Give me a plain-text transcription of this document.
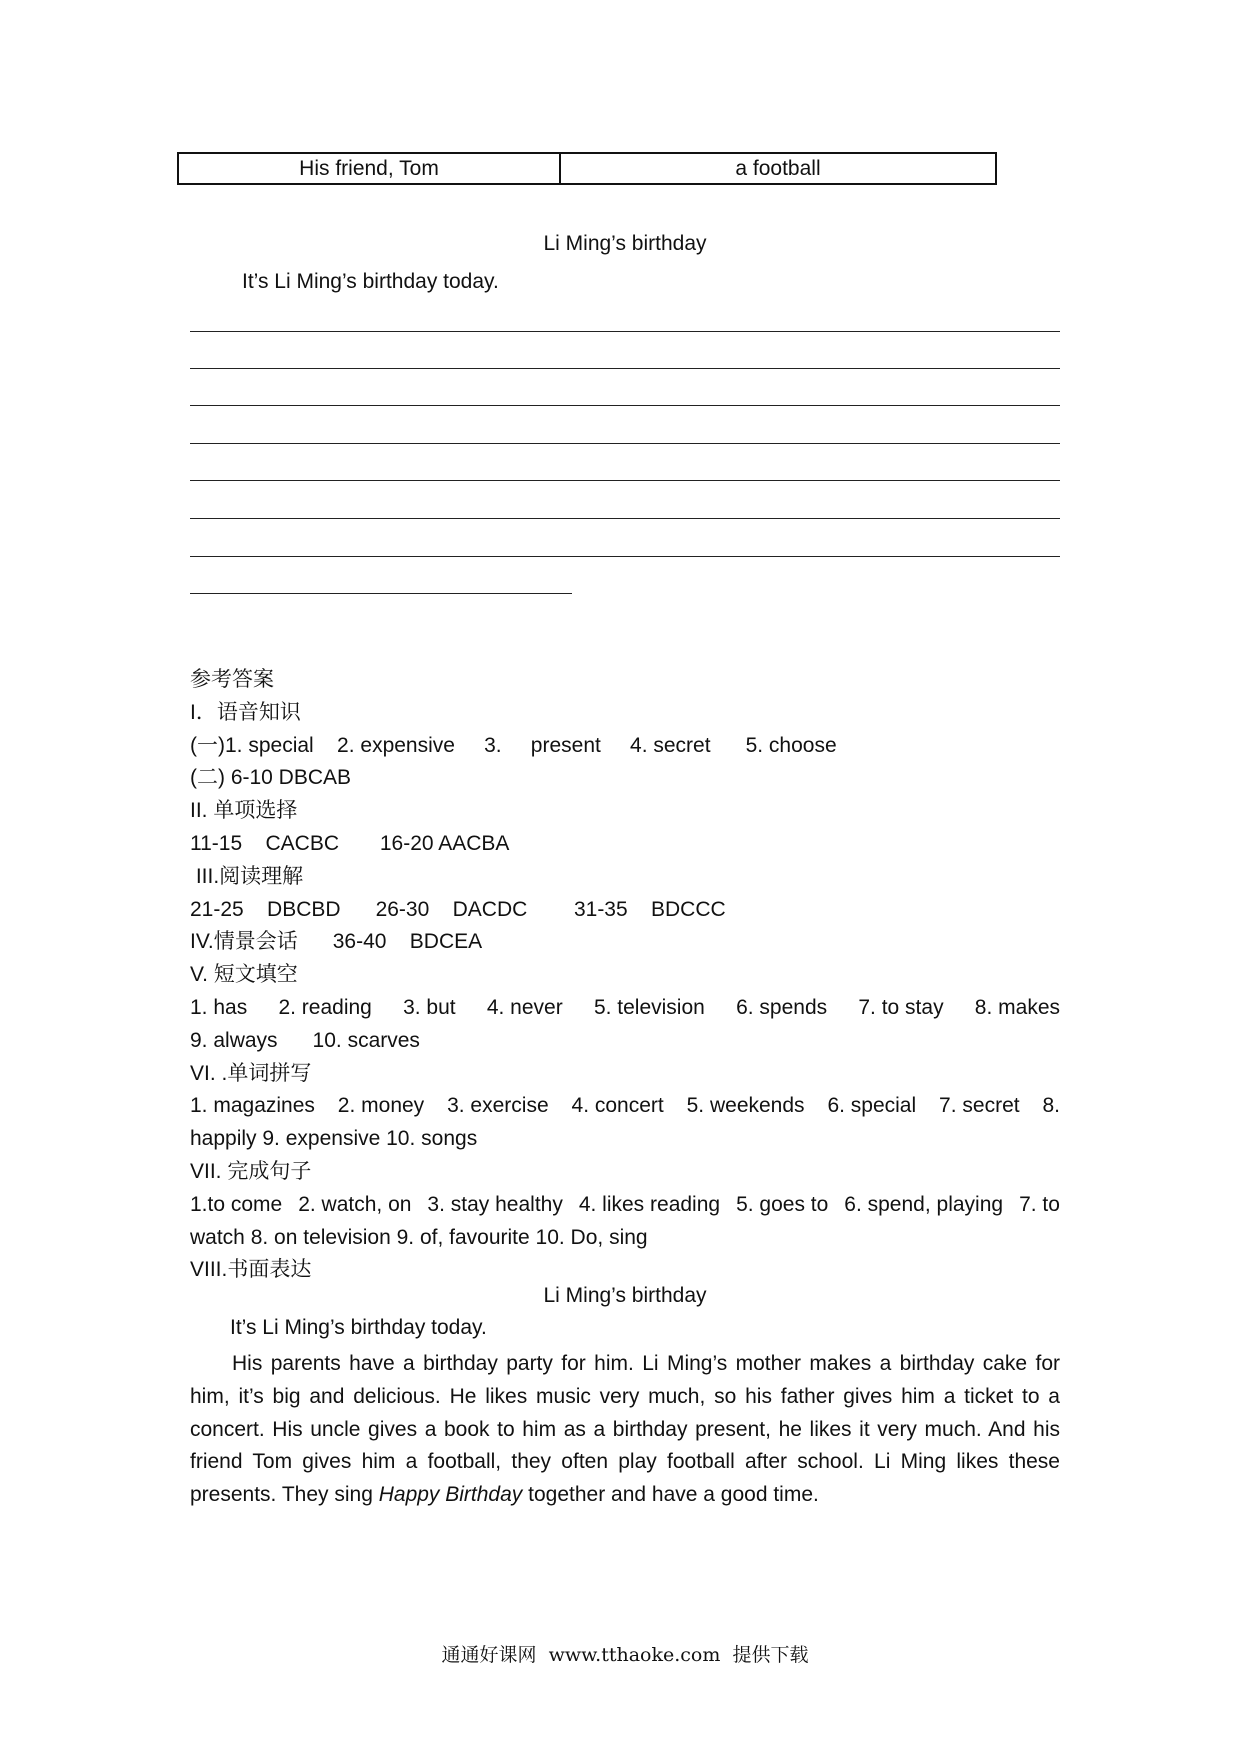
His friend, Tom	a football
Li Ming’s birthday
It’s Li Ming’s birthday today.
参考答案
I．语音知识
(一)1. special    2. expensive     3.     present     4. secret      5. choose
(二) 6-10 DBCAB
II. 单项选择
11-15    CACBC       16-20 AACBA
III.阅读理解
21-25    DBCBD      26-30    DACDC        31-35    BDCCC
IV.情景会话      36-40    BDCEA
V. 短文填空
1. has 2. reading 3. but 4. never 5. television 6. spends 7. to stay 8. makes
9. always      10. scarves
VI. .单词拼写
1. magazines 2. money 3. exercise 4. concert 5. weekends 6. special 7. secret 8.
happily 9. expensive 10. songs
VII. 完成句子
1.to come 2. watch, on 3. stay healthy 4. likes reading 5. goes to 6. spend, playing 7. to
watch 8. on television 9. of, favourite 10. Do, sing
VIII.书面表达
Li Ming’s birthday
It’s Li Ming’s birthday today.

His parents have a birthday party for him. Li Ming’s mother makes a birthday cake for him, it’s big and delicious. He likes music very much, so his father gives him a ticket to a concert. His uncle gives a book to him as a birthday present, he likes it very much. And his friend Tom gives him a football, they often play football after school. Li Ming likes these presents. They sing Happy Birthday together and have a good time.

通通好课网  www.tthaoke.com  提供下载
